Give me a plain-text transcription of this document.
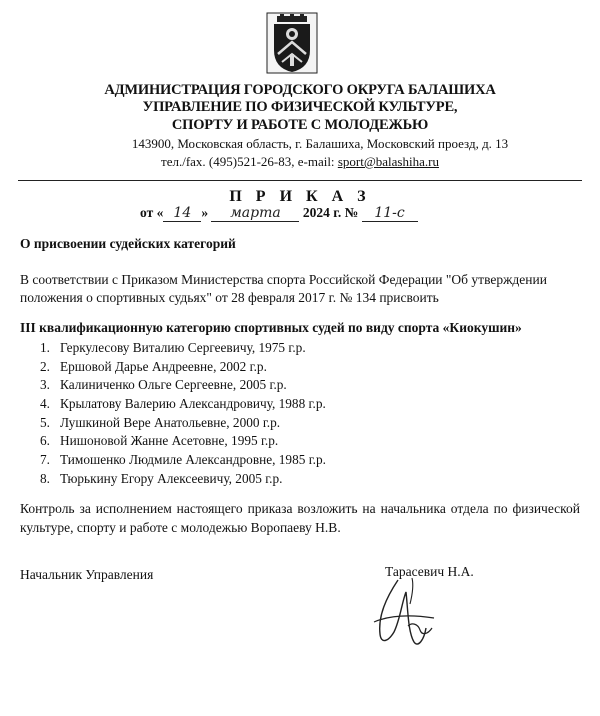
АДМИНИСТРАЦИЯ ГОРОДСКОГО ОКРУГА БАЛАШИХА
УПРАВЛЕНИЕ ПО ФИЗИЧЕСКОЙ КУЛЬТУРЕ,
СПОРТУ И РАБОТЕ С МОЛОДЕЖЬЮ
143900, Московская область, г. Балашиха, Московский проезд, д. 13
тел./fax. (495)521-26-83, e-mail: sport@balashiha.ru
П Р И К А З
от « 14 » марта 2024 г. № 11-с
О присвоении судейских категорий
В соответствии с Приказом Министерства спорта Российской Федерации "Об утверждении положения о спортивных судьях" от 28 февраля 2017 г. № 134 присвоить
III квалификационную категорию спортивных судей по виду спорта «Киокушин»
1. Геркулесову Виталию Сергеевичу, 1975 г.р.
2. Ершовой Дарье Андреевне, 2002 г.р.
3. Калиниченко Ольге Сергеевне, 2005 г.р.
4. Крылатову Валерию Александровичу, 1988 г.р.
5. Лушкиной Вере Анатольевне, 2000 г.р.
6. Нишоновой Жанне Асетовне, 1995 г.р.
7. Тимошенко Людмиле Александровне, 1985 г.р.
8. Тюрькину Егору Алексеевичу, 2005 г.р.
Контроль за исполнением настоящего приказа возложить на начальника отдела по физической культуре, спорту и работе с молодежью Воропаеву Н.В.
Начальник Управления	Тарасевич Н.А.
